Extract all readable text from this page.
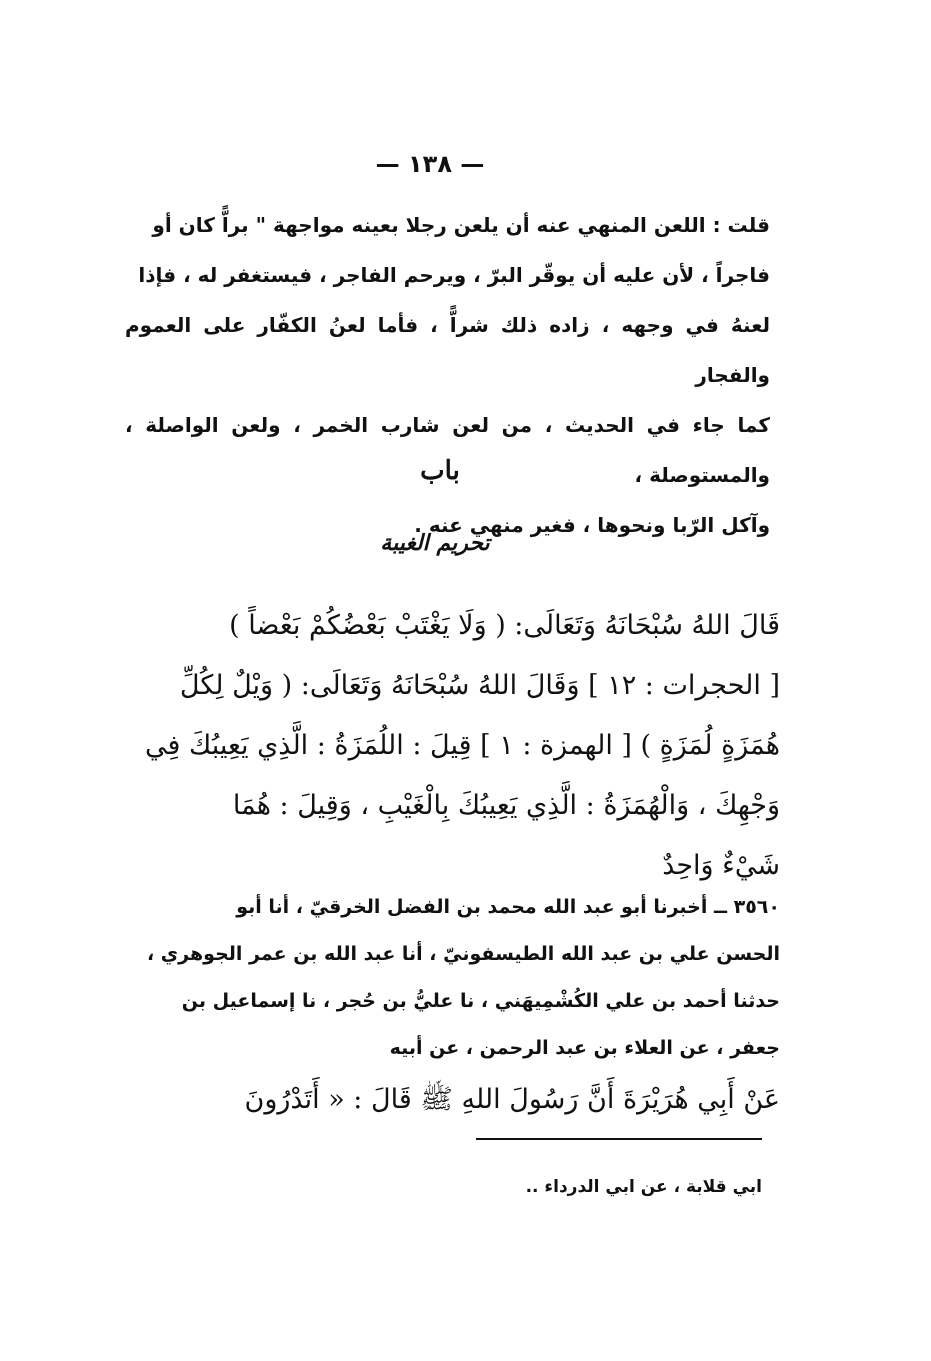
— ١٣٨ —
قلت : اللعن المنهي عنه أن يلعن رجلا بعينه مواجهة " براًّ كان أو
فاجراً ، لأن عليه أن يوقّر البرّ ، ويرحم الفاجر ، فيستغفر له ، فإذا
لعنهُ في وجهه ، زاده ذلك شراًّ ، فأما لعنُ الكفّار على العموم والفجار
كما جاء في الحديث ، من لعن شارب الخمر ، ولعن الواصلة ، والمستوصلة ،
وآكل الرّبا ونحوها ، فغير منهي عنه .
باب
تحريم الغيبة
قَالَ اللهُ سُبْحَانَهُ وَتَعَالَى: ( وَلَا يَغْتَبْ بَعْضُكُمْ بَعْضاً )
[ الحجرات : ١٢ ] وَقَالَ اللهُ سُبْحَانَهُ وَتَعَالَى: ( وَيْلٌ لِكُلِّ
هُمَزَةٍ لُمَزَةٍ ) [ الهمزة : ١ ] قِيلَ : اللُمَزَةُ : الَّذِي يَعِيبُكَ فِي
وَجْهِكَ ، وَالْهُمَزَةُ : الَّذِي يَعِيبُكَ بِالْغَيْبِ ، وَقِيلَ : هُمَا
شَيْءٌ وَاحِدٌ
٣٥٦٠ ــ أخبرنا أبو عبد الله محمد بن الفضل الخرقيّ ، أنا أبو
الحسن علي بن عبد الله الطيسفونيّ ، أنا عبد الله بن عمر الجوهري ،
حدثنا أحمد بن علي الكُشْمِيهَني ، نا عليُّ بن حُجر ، نا إسماعيل بن
جعفر ، عن العلاء بن عبد الرحمن ، عن أبيه
عَنْ أَبِي هُرَيْرَةَ أَنَّ رَسُولَ اللهِ ﷺ قَالَ : « أَتَدْرُونَ
ابي قلابة ، عن ابي الدرداء ..
